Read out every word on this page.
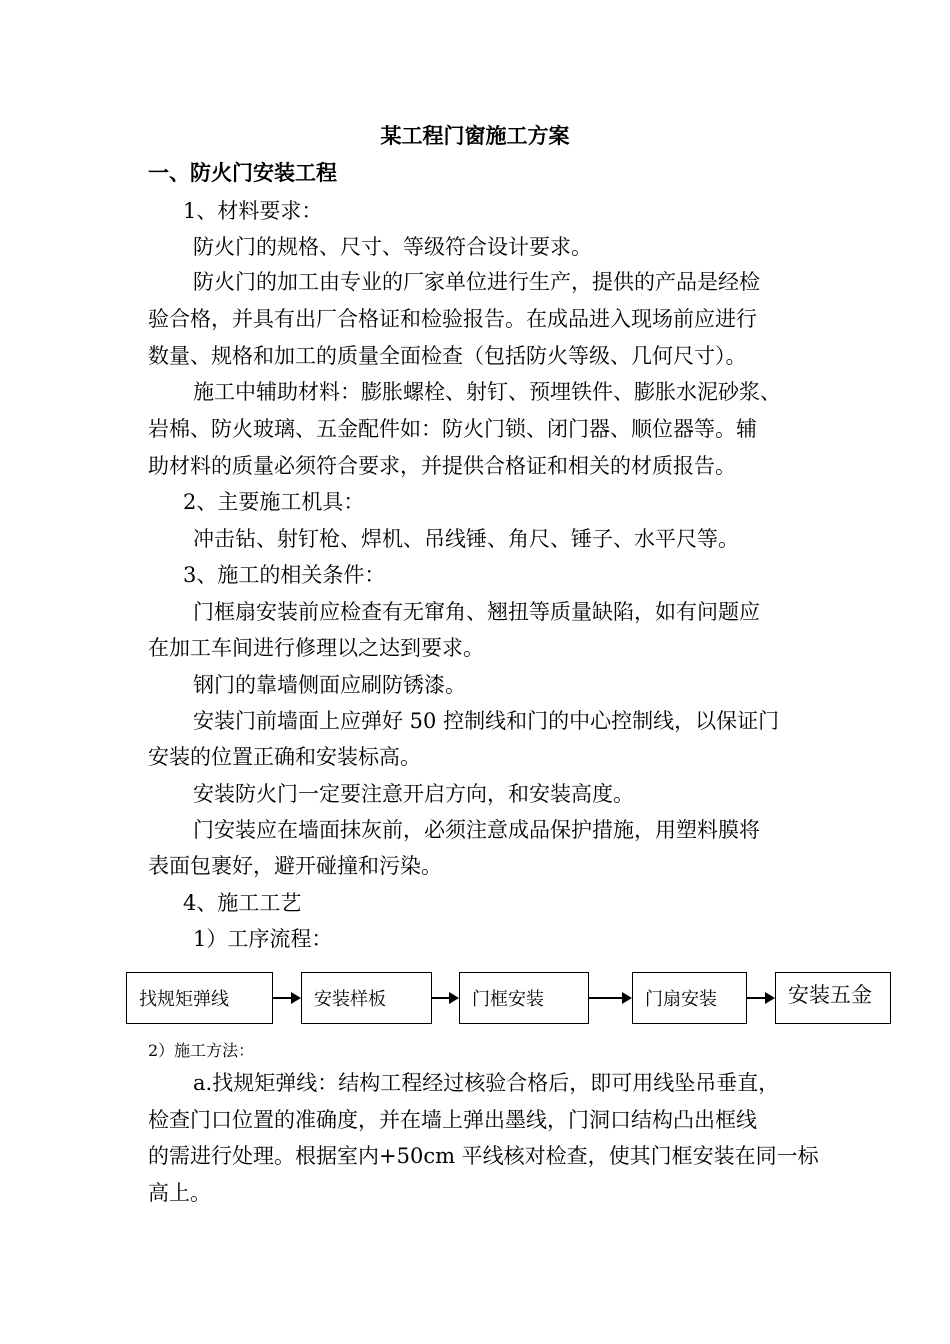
某工程门窗施工方案
一、防火门安装工程
1、材料要求：
防火门的规格、尺寸、等级符合设计要求。
防火门的加工由专业的厂家单位进行生产，提供的产品是经检
验合格，并具有出厂合格证和检验报告。在成品进入现场前应进行
数量、规格和加工的质量全面检查（包括防火等级、几何尺寸）。
施工中辅助材料：膨胀螺栓、射钉、预埋铁件、膨胀水泥砂浆、
岩棉、防火玻璃、五金配件如：防火门锁、闭门器、顺位器等。辅
助材料的质量必须符合要求，并提供合格证和相关的材质报告。
2、主要施工机具：
冲击钻、射钉枪、焊机、吊线锤、角尺、锤子、水平尺等。
3、施工的相关条件：
门框扇安装前应检查有无窜角、翘扭等质量缺陷，如有问题应
在加工车间进行修理以之达到要求。
钢门的靠墙侧面应刷防锈漆。
安装门前墙面上应弹好 50 控制线和门的中心控制线，以保证门
安装的位置正确和安装标高。
安装防火门一定要注意开启方向，和安装高度。
门安装应在墙面抹灰前，必须注意成品保护措施，用塑料膜将
表面包裹好，避开碰撞和污染。
4、施工工艺
1）工序流程：
找规矩弹线	安装样板	门框安装	门扇安装	安装五金
2）施工方法：
a.找规矩弹线：结构工程经过核验合格后，即可用线坠吊垂直，
检查门口位置的准确度，并在墙上弹出墨线，门洞口结构凸出框线
的需进行处理。根据室内+50cm 平线核对检查，使其门框安装在同一标
高上。
